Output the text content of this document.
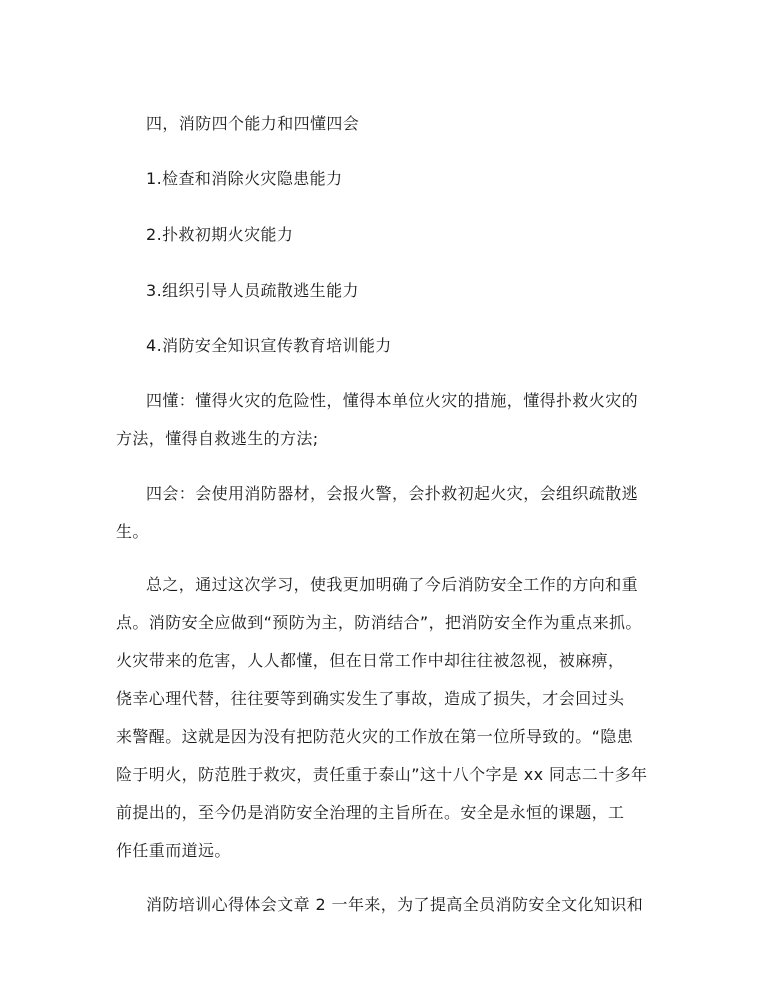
四，消防四个能力和四懂四会
1.检查和消除火灾隐患能力
2.扑救初期火灾能力
3.组织引导人员疏散逃生能力
4.消防安全知识宣传教育培训能力
四懂：懂得火灾的危险性，懂得本单位火灾的措施，懂得扑救火灾的
方法，懂得自救逃生的方法;
四会：会使用消防器材，会报火警，会扑救初起火灾，会组织疏散逃
生。
总之，通过这次学习，使我更加明确了今后消防安全工作的方向和重
点。消防安全应做到“预防为主，防消结合”，把消防安全作为重点来抓。
火灾带来的危害，人人都懂，但在日常工作中却往往被忽视，被麻痹，
侥幸心理代替，往往要等到确实发生了事故，造成了损失，才会回过头
来警醒。这就是因为没有把防范火灾的工作放在第一位所导致的。“隐患
险于明火，防范胜于救灾，责任重于泰山”这十八个字是 xx 同志二十多年
前提出的，至今仍是消防安全治理的主旨所在。安全是永恒的课题，工
作任重而道远。
消防培训心得体会文章 2 一年来，为了提高全员消防安全文化知识和
